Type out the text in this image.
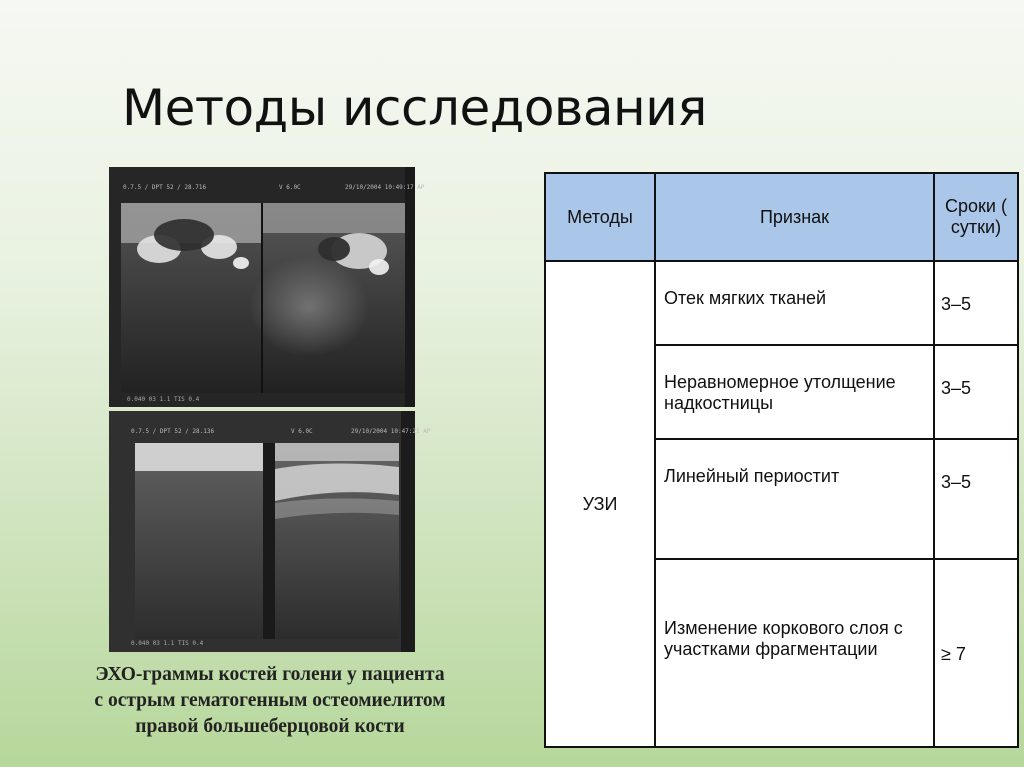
Методы исследования
0.7.5 / DPT 52 / 28.716	V 6.0C	29/10/2004 10:49:17 AP
0.040 03 1.1 TIS 0.4
0.7.5 / DPT 52 / 28.136	V 6.0C	29/10/2004 10:47:21 AP
0.040 03 1.1 TIS 0.4
ЭХО-граммы костей голени у пациента
с острым гематогенным остеомиелитом
правой большеберцовой кости
Методы	Признак	Сроки ( сутки)
УЗИ	Отек мягких тканей	3–5
	Неравномерное утолщение надкостницы	3–5
	Линейный периостит	3–5
	Изменение коркового слоя с участками фрагментации	≥ 7
